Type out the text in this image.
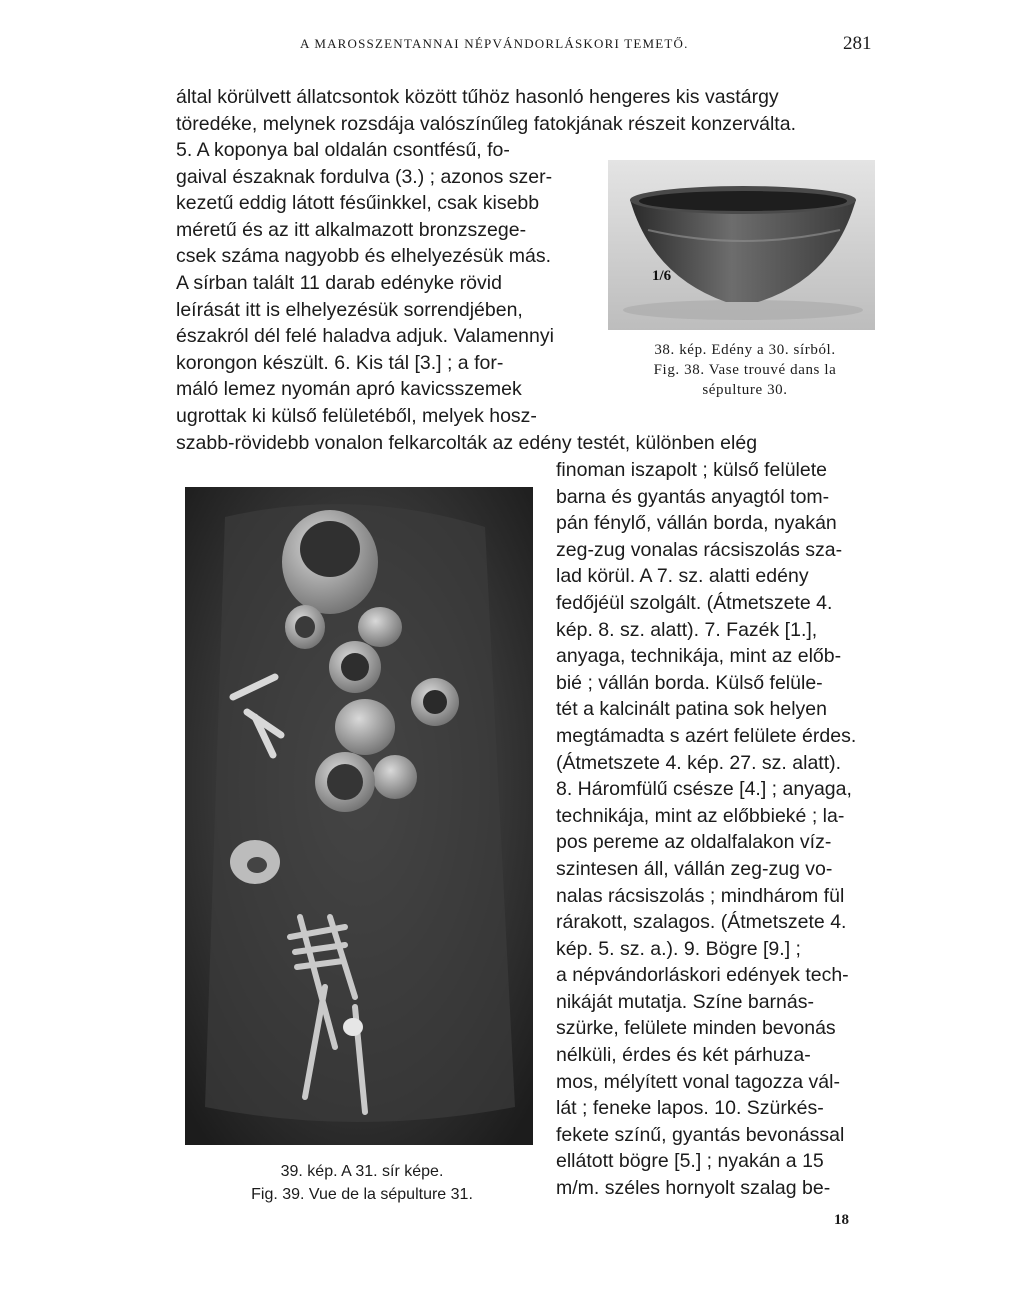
A MAROSSZENTANNAI NÉPVÁNDORLÁSKORI TEMETŐ.	281
által körülvett állatcsontok között tűhöz hasonló hengeres kis vastárgy
töredéke, melynek rozsdája valószínűleg fatokjának részeit konzerválta.
5. A koponya bal oldalán csontfésű, fo-
gaival északnak fordulva (3.) ; azonos szer-
kezetű eddig látott fésűinkkel, csak kisebb
méretű és az itt alkalmazott bronzszege-
csek száma nagyobb és elhelyezésük más.
A sírban talált 11 darab edényke rövid
leírását itt is elhelyezésük sorrendjében,
északról dél felé haladva adjuk. Valamennyi
korongon készült. 6. Kis tál [3.] ; a for-
máló lemez nyomán apró kavicsszemek
ugrottak ki külső felületéből, melyek hosz-
szabb-rövidebb vonalon felkarcolták az edény testét, különben elég
finoman iszapolt ; külső felülete
barna és gyantás anyagtól tom-
pán fénylő, vállán borda, nyakán
zeg-zug vonalas rácsiszolás sza-
lad körül. A 7. sz. alatti edény
fedőjéül szolgált. (Átmetszete 4.
kép. 8. sz. alatt). 7. Fazék [1.],
anyaga, technikája, mint az előb-
bié ; vállán borda. Külső felüle-
tét a kalcinált patina sok helyen
megtámadta s azért felülete érdes.
(Átmetszete 4. kép. 27. sz. alatt).
8. Háromfülű csésze [4.] ; anyaga,
technikája, mint az előbbieké ; la-
pos pereme az oldalfalakon víz-
szintesen áll, vállán zeg-zug vo-
nalas rácsiszolás ; mindhárom fül
rárakott, szalagos. (Átmetszete 4.
kép. 5. sz. a.). 9. Bögre [9.] ;
a népvándorláskori edények tech-
nikáját mutatja. Színe barnás-
szürke, felülete minden bevonás
nélküli, érdes és két párhuza-
mos, mélyített vonal tagozza vál-
lát ; feneke lapos. 10. Szürkés-
fekete színű, gyantás bevonással
ellátott bögre [5.] ; nyakán a 15
m/m. széles hornyolt szalag be-
1/6
38. kép. Edény a 30. sírból.
Fig. 38. Vase trouvé dans la
sépulture 30.
39. kép. A 31. sír képe.
Fig. 39. Vue de la sépulture 31.
18
